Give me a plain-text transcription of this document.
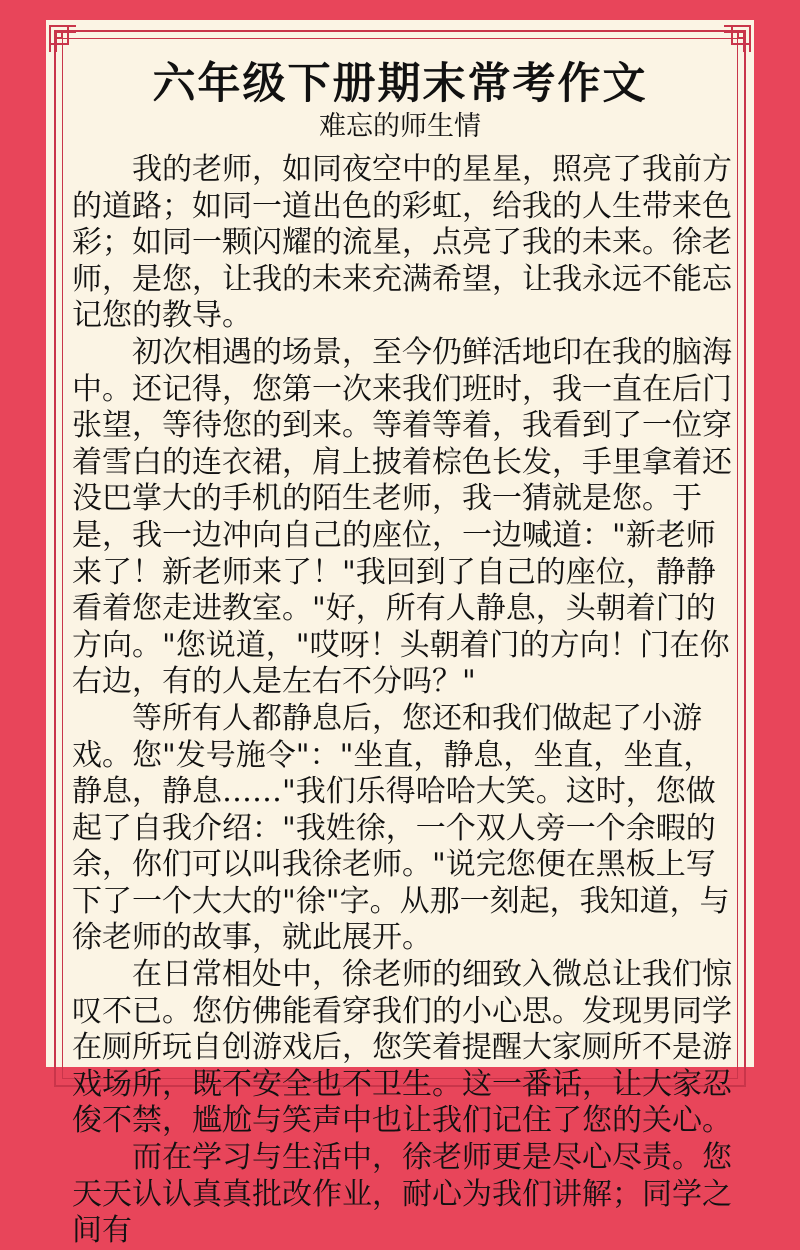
六年级下册期末常考作文
难忘的师生情

我的老师，如同夜空中的星星，照亮了我前方的道路；如同一道出色的彩虹，给我的人生带来色彩；如同一颗闪耀的流星，点亮了我的未来。徐老师，是您，让我的未来充满希望，让我永远不能忘记您的教导。

初次相遇的场景，至今仍鲜活地印在我的脑海中。还记得，您第一次来我们班时，我一直在后门张望，等待您的到来。等着等着，我看到了一位穿着雪白的连衣裙，肩上披着棕色长发，手里拿着还没巴掌大的手机的陌生老师，我一猜就是您。于是，我一边冲向自己的座位，一边喊道："新老师来了！新老师来了！"我回到了自己的座位，静静看着您走进教室。"好，所有人静息，头朝着门的方向。"您说道，"哎呀！头朝着门的方向！门在你右边，有的人是左右不分吗？"

等所有人都静息后，您还和我们做起了小游戏。您"发号施令"："坐直，静息，坐直，坐直，静息，静息……"我们乐得哈哈大笑。这时，您做起了自我介绍："我姓徐，一个双人旁一个余暇的余，你们可以叫我徐老师。"说完您便在黑板上写下了一个大大的"徐"字。从那一刻起，我知道，与徐老师的故事，就此展开。

在日常相处中，徐老师的细致入微总让我们惊叹不已。您仿佛能看穿我们的小心思。发现男同学在厕所玩自创游戏后，您笑着提醒大家厕所不是游戏场所，既不安全也不卫生。这一番话，让大家忍俊不禁，尴尬与笑声中也让我们记住了您的关心。

而在学习与生活中，徐老师更是尽心尽责。您天天认认真真批改作业，耐心为我们讲解；同学之间有
